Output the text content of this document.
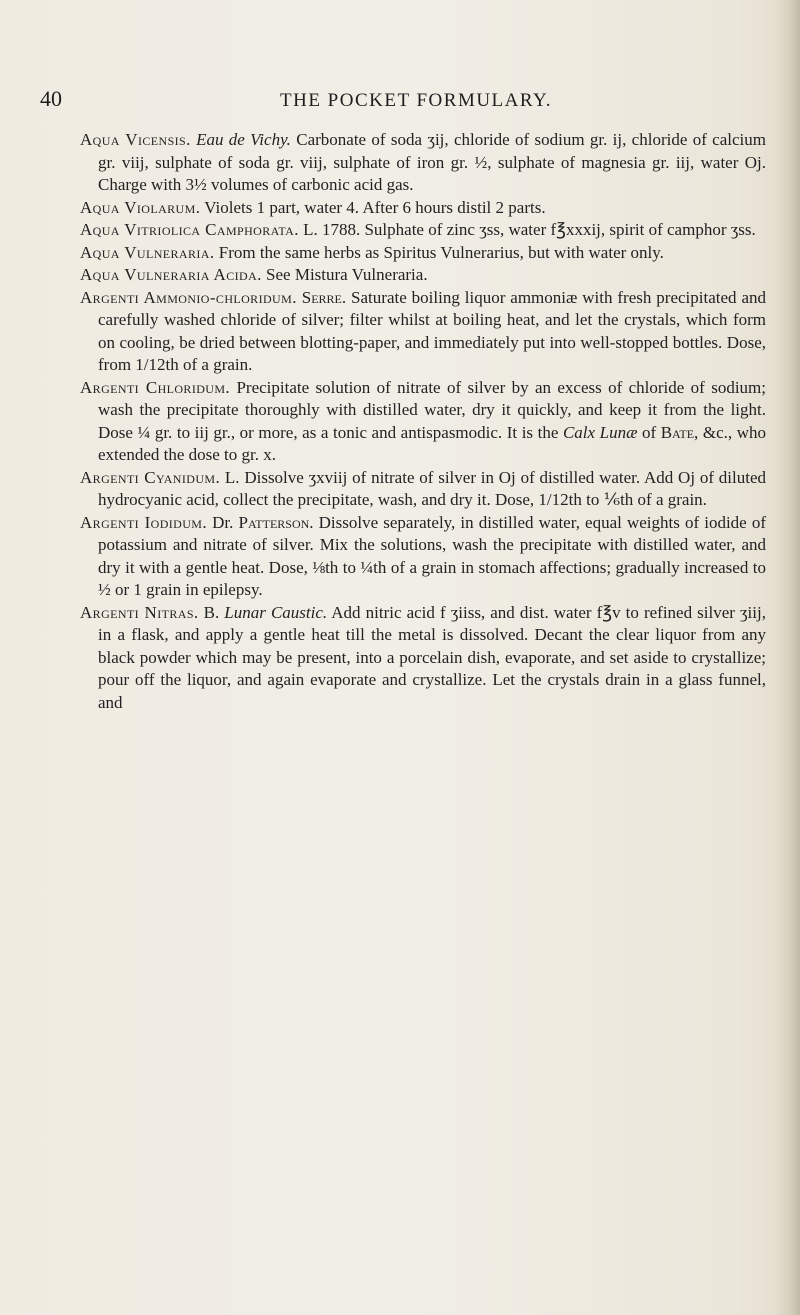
40	THE POCKET FORMULARY.

Aqua Vicensis. Eau de Vichy. Carbonate of soda ʒij, chloride of sodium gr. ij, chloride of calcium gr. viij, sulphate of soda gr. viij, sulphate of iron gr. ½, sulphate of magnesia gr. iij, water Oj. Charge with 3½ volumes of carbonic acid gas.

Aqua Violarum. Violets 1 part, water 4. After 6 hours distil 2 parts.

Aqua Vitriolica Camphorata. L. 1788. Sulphate of zinc ʒss, water f℥xxxij, spirit of camphor ʒss.

Aqua Vulneraria. From the same herbs as Spiritus Vulnerarius, but with water only.

Aqua Vulneraria Acida. See Mistura Vulneraria.

Argenti Ammonio-chloridum. Serre. Saturate boiling liquor ammoniæ with fresh precipitated and carefully washed chloride of silver; filter whilst at boiling heat, and let the crystals, which form on cooling, be dried between blotting-paper, and immediately put into well-stopped bottles. Dose, from 1/12th of a grain.

Argenti Chloridum. Precipitate solution of nitrate of silver by an excess of chloride of sodium; wash the precipitate thoroughly with distilled water, dry it quickly, and keep it from the light. Dose ¼ gr. to iij gr., or more, as a tonic and antispasmodic. It is the Calx Lunæ of Bate, &c., who extended the dose to gr. x.

Argenti Cyanidum. L. Dissolve ʒxviij of nitrate of silver in Oj of distilled water. Add Oj of diluted hydrocyanic acid, collect the precipitate, wash, and dry it. Dose, 1/12th to ⅙th of a grain.

Argenti Iodidum. Dr. Patterson. Dissolve separately, in distilled water, equal weights of iodide of potassium and nitrate of silver. Mix the solutions, wash the precipitate with distilled water, and dry it with a gentle heat. Dose, ⅛th to ¼th of a grain in stomach affections; gradually increased to ½ or 1 grain in epilepsy.

Argenti Nitras. B. Lunar Caustic. Add nitric acid f ʒiiss, and dist. water f℥v to refined silver ʒiij, in a flask, and apply a gentle heat till the metal is dissolved. Decant the clear liquor from any black powder which may be present, into a porcelain dish, evaporate, and set aside to crystallize; pour off the liquor, and again evaporate and crystallize. Let the crystals drain in a glass funnel, and
